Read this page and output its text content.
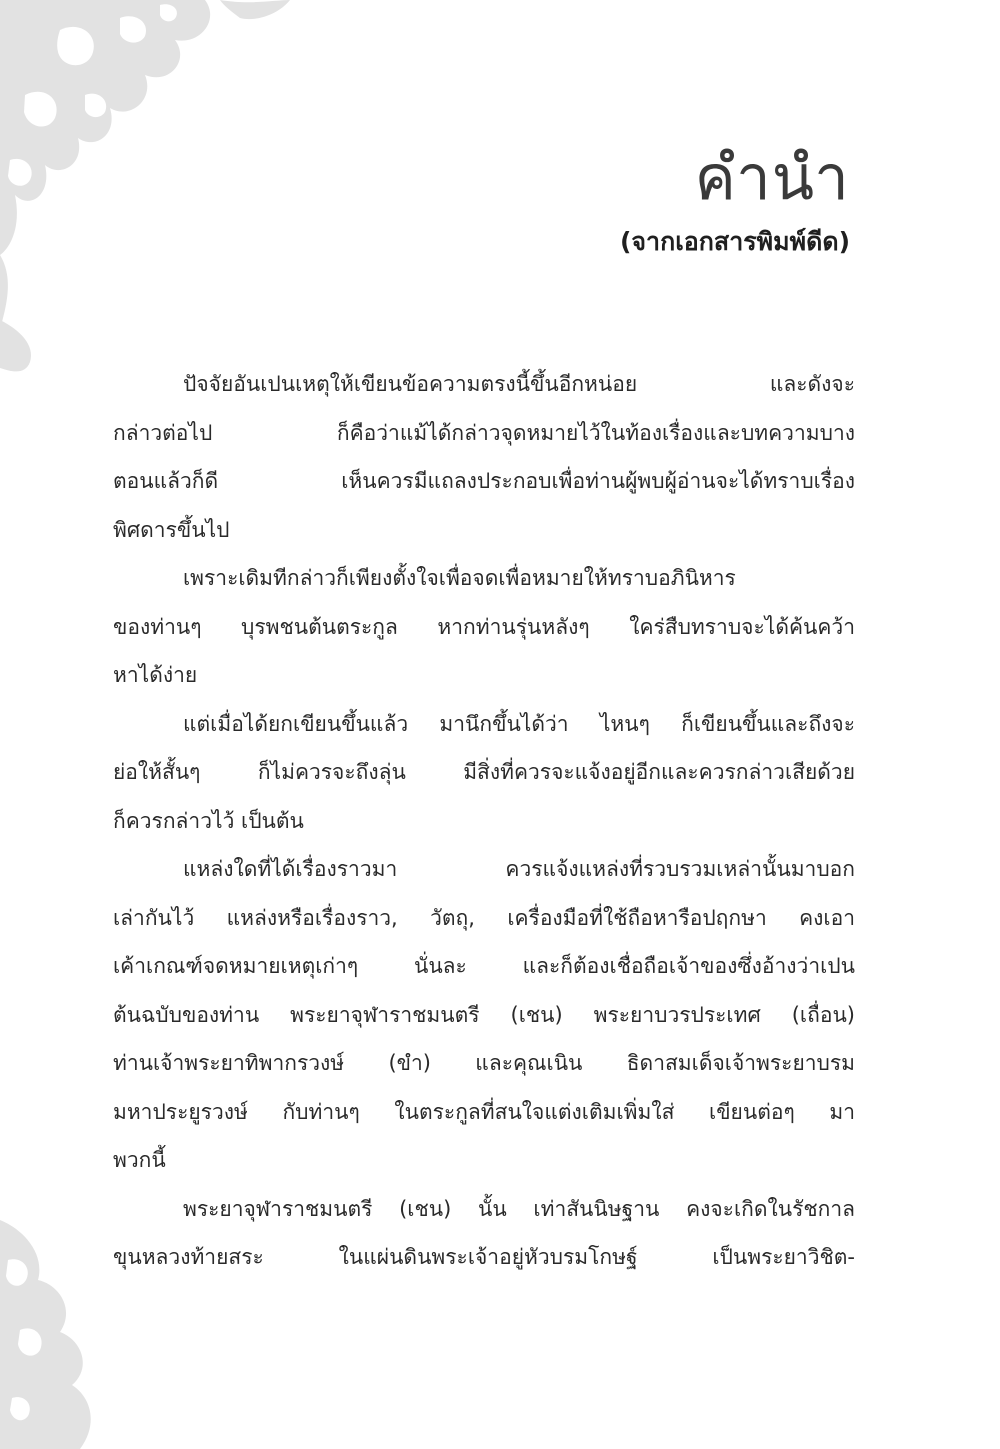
คำนำ
(จากเอกสารพิมพ์ดีด)
ปัจจัยอันเปนเหตุให้เขียนข้อความตรงนี้ขึ้นอีกหน่อย และดังจะ
กล่าวต่อไป ก็คือว่าแม้ได้กล่าวจุดหมายไว้ในท้องเรื่องและบทความบาง
ตอนแล้วก็ดี เห็นควรมีแถลงประกอบเพื่อท่านผู้พบผู้อ่านจะได้ทราบเรื่อง
พิศดารขึ้นไป
เพราะเดิมทีกล่าวก็เพียงตั้งใจเพื่อจดเพื่อหมายให้ทราบอภินิหาร
ของท่านๆ บุรพชนต้นตระกูล หากท่านรุ่นหลังๆ ใคร่สืบทราบจะได้ค้นคว้า
หาได้ง่าย
แต่เมื่อได้ยกเขียนขึ้นแล้ว มานึกขึ้นได้ว่า ไหนๆ ก็เขียนขึ้นและถึงจะ
ย่อให้สั้นๆ ก็ไม่ควรจะถึงลุ่น มีสิ่งที่ควรจะแจ้งอยู่อีกและควรกล่าวเสียด้วย
ก็ควรกล่าวไว้ เป็นต้น
แหล่งใดที่ได้เรื่องราวมา ควรแจ้งแหล่งที่รวบรวมเหล่านั้นมาบอก
เล่ากันไว้ แหล่งหรือเรื่องราว, วัตถุ, เครื่องมือที่ใช้ถือหารือปฤกษา คงเอา
เค้าเกณฑ์จดหมายเหตุเก่าๆ นั่นละ และก็ต้องเชื่อถือเจ้าของซึ่งอ้างว่าเปน
ต้นฉบับของท่าน พระยาจุฬาราชมนตรี (เชน) พระยาบวรประเทศ (เถื่อน)
ท่านเจ้าพระยาทิพากรวงษ์ (ขำ) และคุณเนิน ธิดาสมเด็จเจ้าพระยาบรม
มหาประยูรวงษ์ กับท่านๆ ในตระกูลที่สนใจแต่งเติมเพิ่มใส่ เขียนต่อๆ มา
พวกนี้
พระยาจุฬาราชมนตรี (เชน) นั้น เท่าสันนิษฐาน คงจะเกิดในรัชกาล
ขุนหลวงท้ายสระ ในแผ่นดินพระเจ้าอยู่หัวบรมโกษฐ์ เป็นพระยาวิชิต-
